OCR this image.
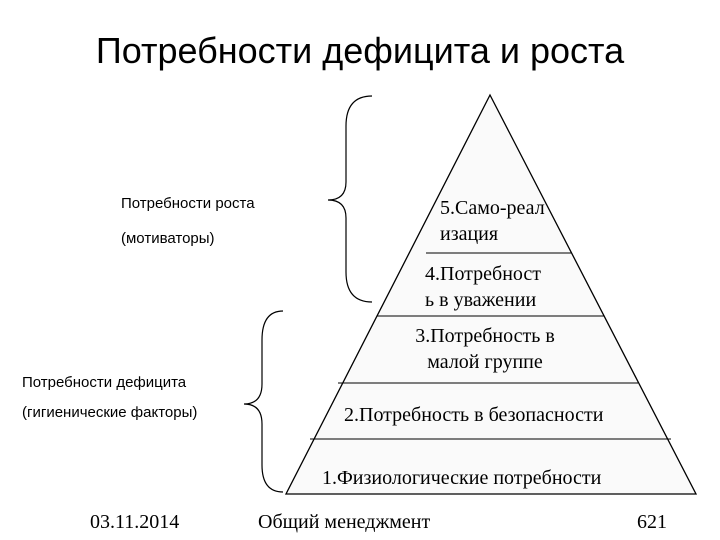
Потребности дефицита и роста
Потребности роста
(мотиваторы)
Потребности дефицита
(гигиенические факторы)
5.Само-реал
изация
4.Потребност
ь в уважении
3.Потребность в
малой группе
2.Потребность в безопасности
1.Физиологические потребности
03.11.2014	Общий менеджмент	621
